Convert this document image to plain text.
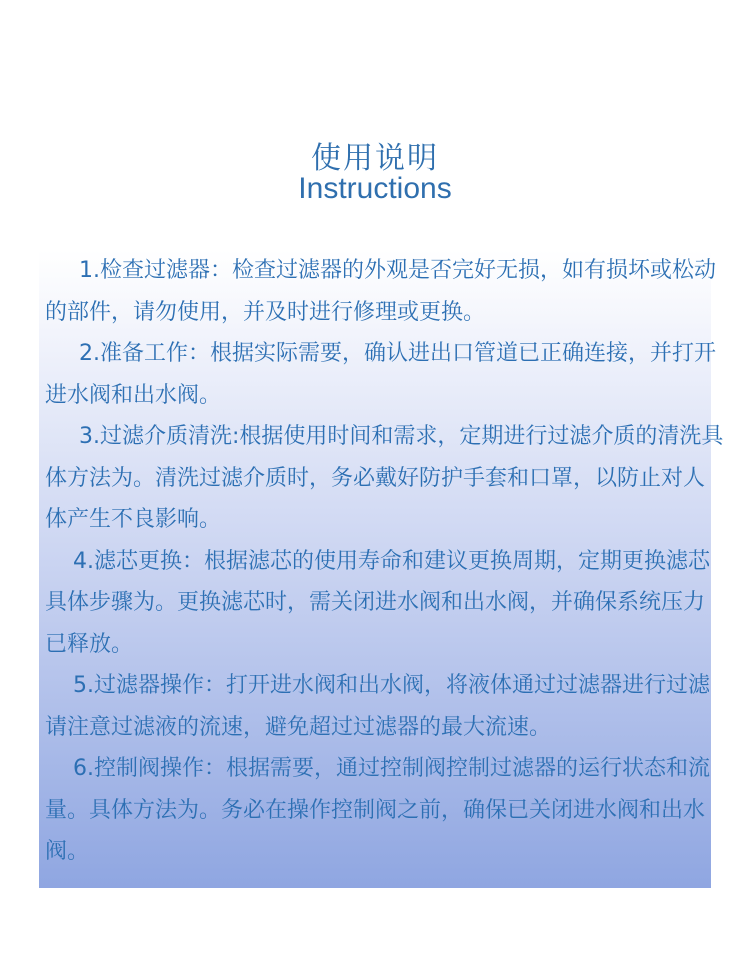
使用说明
Instructions

1.检查过滤器：检查过滤器的外观是否完好无损，如有损坏或松动的部件，请勿使用，并及时进行修理或更换。

2.准备工作：根据实际需要，确认进出口管道已正确连接，并打开进水阀和出水阀。

3.过滤介质清洗:根据使用时间和需求，定期进行过滤介质的清洗具体方法为。清洗过滤介质时，务必戴好防护手套和口罩，以防止对人体产生不良影响。

4.滤芯更换：根据滤芯的使用寿命和建议更换周期，定期更换滤芯具体步骤为。更换滤芯时，需关闭进水阀和出水阀，并确保系统压力已释放。

5.过滤器操作：打开进水阀和出水阀，将液体通过过滤器进行过滤请注意过滤液的流速，避免超过过滤器的最大流速。

6.控制阀操作：根据需要，通过控制阀控制过滤器的运行状态和流量。具体方法为。务必在操作控制阀之前，确保已关闭进水阀和出水阀。
